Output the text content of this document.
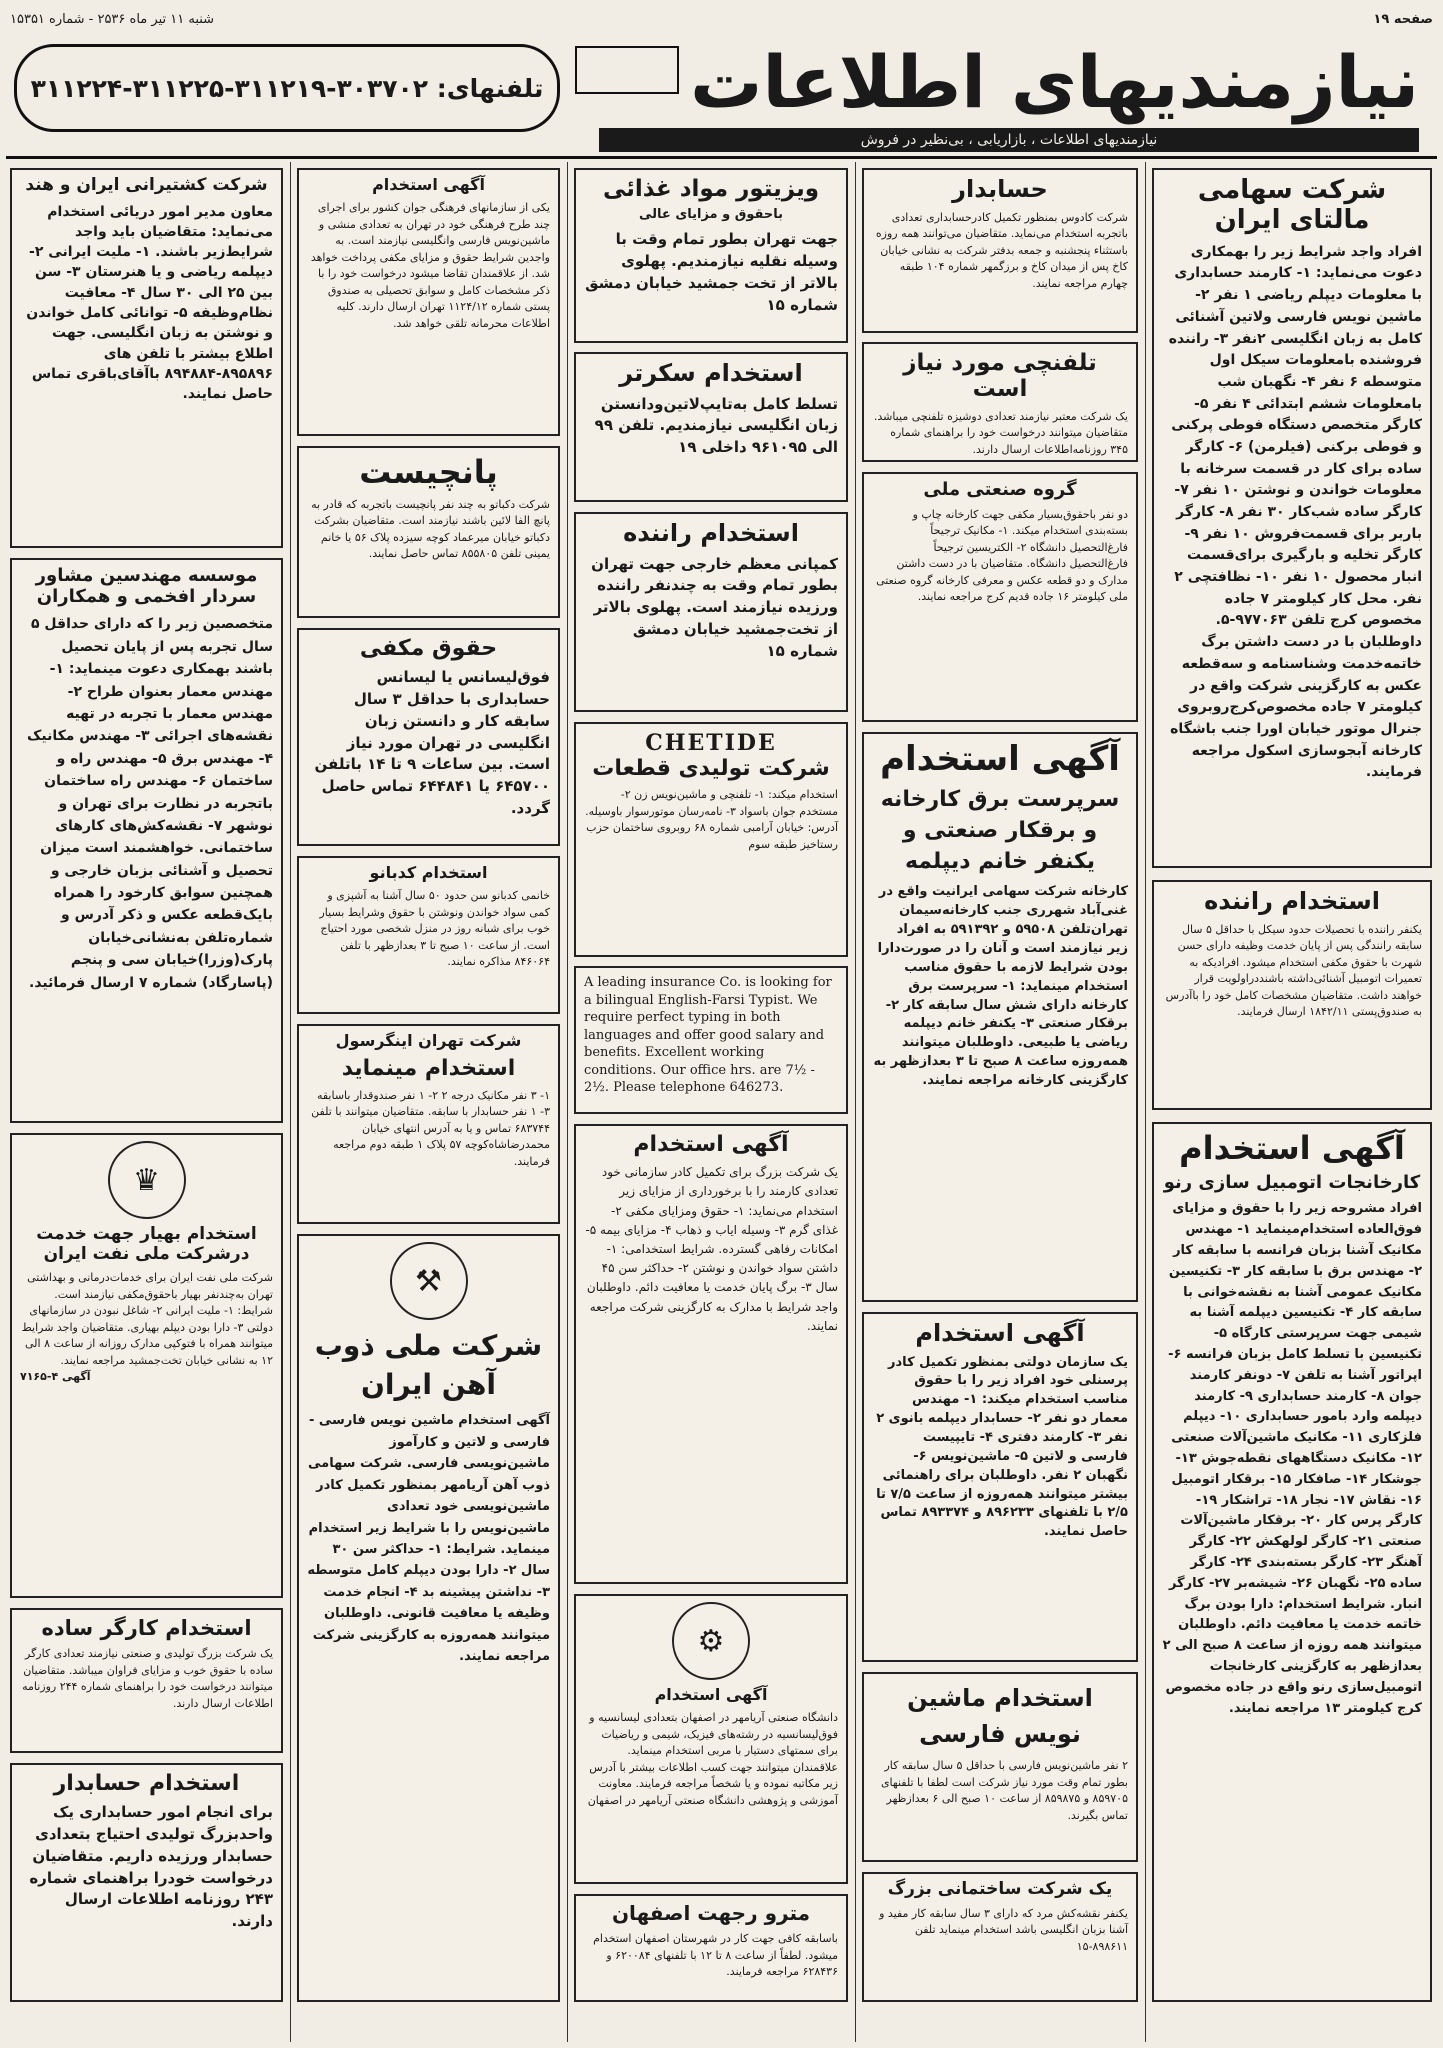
صفحه ۱۹
شنبه ۱۱ تیر ماه ۲۵۳۶ - شماره ۱۵۳۵۱
تلفنهای: ۳۰۳۷۰۲-۳۱۱۲۱۹-۳۱۱۲۲۵-۳۱۱۲۲۴ نیازمندیهای اطلاعات
نیازمندیهای اطلاعات ، بازاریابی ، بی‌نظیر در فروش
شرکت سهامی مالتای ایران

افراد واجد شرایط زیر را بهمکاری دعوت می‌نماید: ۱- کارمند حسابداری با معلومات دیپلم ریاضی ۱ نفر ۲- ماشین نویس فارسی ولاتین آشنائی کامل به زبان انگلیسی ۲نفر ۳- راننده فروشنده بامعلومات سیکل اول متوسطه ۶ نفر ۴- نگهبان شب بامعلومات ششم ابتدائی ۴ نفر ۵- کارگر متخصص دستگاه فوطی پرکنی و فوطی برکنی (فیلرمن) ۶- کارگر ساده برای کار در قسمت سرخانه با معلومات خواندن و نوشتن ۱۰ نفر ۷- کارگر ساده شب‌کار ۳۰ نفر ۸- کارگر باربر برای قسمت‌فروش ۱۰ نفر ۹- کارگر تخلیه و بارگیری برای‌قسمت انبار محصول ۱۰ نفر ۱۰- نظافتچی ۲ نفر. محل کار کیلومتر ۷ جاده مخصوص کرج تلفن ۹۷۷۰۶۳-۵. داوطلبان با در دست داشتن برگ خاتمه‌خدمت وشناسنامه و سه‌قطعه عکس به کارگزینی شرکت واقع در کیلومتر ۷ جاده مخصوص‌کرج‌روبروی جنرال موتور خیابان اورا جنب باشگاه کارخانه آبجوسازی اسکول مراجعه فرمایند.

استخدام راننده

یکنفر راننده با تحصیلات حدود سیکل با حداقل ۵ سال سابقه رانندگی پس از پایان خدمت وظیفه دارای حسن شهرت با حقوق مکفی استخدام میشود. افرادیکه به تعمیرات اتومبیل آشنائی‌داشته باشند‌در‌اولویت قرار خواهند داشت. متقاضیان مشخصات کامل خود را باآدرس به صندوق‌پستی ۱۸۴۲/۱۱ ارسال فرمایند.

آگهی استخدام
کارخانجات اتومبیل سازی رنو

افراد مشروحه زیر را با حقوق و مزایای فوق‌العاده استخدام‌مینماید ۱- مهندس مکانیک آشنا بزبان فرانسه با سابقه کار ۲- مهندس برق با سابقه کار ۳- تکنیسین مکانیک عمومی آشنا به نقشه‌خوانی با سابقه کار ۴- تکنیسین دیپلمه آشنا به شیمی جهت سرپرستی کارگاه ۵- تکنیسین با تسلط کامل بزبان فرانسه ۶- اپراتور آشنا به تلفن ۷- دونفر کارمند جوان ۸- کارمند حسابداری ۹- کارمند دیپلمه وارد بامور حسابداری ۱۰- دیپلم فلزکاری ۱۱- مکانیک ماشین‌آلات صنعتی ۱۲- مکانیک دستگاههای نقطه‌جوش ۱۳- جوشکار ۱۴- صافکار ۱۵- برقکار اتومبیل ۱۶- نقاش ۱۷- نجار ۱۸- تراشکار ۱۹- کارگر پرس کار ۲۰- برقکار ماشین‌آلات صنعتی ۲۱- کارگر لولهکش ۲۲- کارگر آهنگر ۲۳- کارگر بسته‌بندی ۲۴- کارگر ساده ۲۵- نگهبان ۲۶- شیشه‌بر ۲۷- کارگر انبار. شرایط استخدام: دارا بودن برگ خاتمه خدمت یا معافیت دائم. داوطلبان میتوانند همه روزه از ساعت ۸ صبح الی ۲ بعدازظهر به کارگزینی کارخانجات اتومبیل‌سازی رنو واقع در جاده مخصوص کرج کیلومتر ۱۳ مراجعه نمایند.

حسابدار

شرکت کادوس بمنظور تکمیل کادرحسابداری تعدادی باتجربه استخدام می‌نماید. متقاضیان می‌توانند همه روزه باستثناء پنجشنبه و جمعه بدفتر شرکت به نشانی خیابان کاخ پس از میدان کاخ و برزگمهر شماره ۱۰۴ طبقه چهارم مراجعه نمایند.

تلفنچی مورد نیاز است

یک شرکت معتبر نیازمند تعدادی دوشیزه تلفنچی میباشد. متقاضیان میتوانند درخواست خود را براهنمای شماره ۳۴۵ روزنامه‌اطلاعات ارسال دارند.

گروه صنعتی ملی

دو نفر با‌حقوق‌بسیار مکفی جهت کارخانه چاپ و بسته‌بندی استخدام میکند. ۱- مکانیک ترجیحاً فارغ‌التحصیل دانشگاه ۲- الکتریسین ترجیحاً فارغ‌التحصیل دانشگاه. متقاضیان با در دست داشتن مدارک و دو قطعه عکس و معرفی کارخانه گروه صنعتی ملی کیلومتر ۱۶ جاده قدیم کرج مراجعه نمایند.

آگهی استخدام
سرپرست برق کارخانه و برقکار صنعتی و یکنفر خانم دیپلمه

کارخانه شرکت سهامی ایرانیت واقع در غنی‌آباد شهرری جنب کارخانه‌سیمان تهران‌تلفن ۵۹۵۰۸ و ۵۹۱۳۹۲ به افراد زیر نیازمند است و آنان را در صورت‌دارا بودن شرایط لازمه با حقوق مناسب استخدام مینماید: ۱- سرپرست برق کارخانه دارای شش سال سابقه کار ۲- برقکار صنعتی ۳- یکنفر خانم دیپلمه ریاضی یا طبیعی. داوطلبان میتوانند همه‌روزه ساعت ۸ صبح تا ۳ بعدازظهر به کارگزینی کارخانه مراجعه نمایند.

آگهی استخدام

یک سازمان دولتی بمنظور تکمیل کادر پرسنلی خود افراد زیر را با حقوق مناسب استخدام میکند: ۱- مهندس معمار دو نفر ۲- حسابدار دیپلمه بانوی ۲ نفر ۳- کارمند دفتری ۴- تایپیست فارسی و لاتین ۵- ماشین‌نویس ۶- نگهبان ۲ نفر. داوطلبان برای راهنمائی بیشتر میتوانند همه‌روزه از ساعت ۷/۵ تا ۲/۵ با تلفنهای ۸۹۶۲۳۳ و ۸۹۳۳۷۴ تماس حاصل نمایند.

استخدام ماشین نویس فارسی

۲ نفر ماشین‌نویس فارسی با حداقل ۵ سال سابقه کار بطور تمام وقت مورد نیاز شرکت است لطفا با تلفنهای ۸۵۹۷۰۵ و ۸۵۹۸۷۵ از ساعت ۱۰ صبح الی ۶ بعدازظهر تماس بگیرند.

یک شرکت ساختمانی بزرگ

یکنفر نقشه‌کش مرد که دارای ۳ سال سابقه کار مفید و آشنا بزبان انگلیسی باشد استخدام مینماید تلفن ۸۹۸۶۱۱-۱۵

ویزیتور مواد غذائی
باحقوق و مزایای عالی

جهت تهران بطور تمام وقت با وسیله نقلیه نیازمندیم. پهلوی بالاتر از تخت جمشید خیابان دمشق شماره ۱۵

استخدام سکرتر

تسلط کامل به‌تایپ‌لاتین‌ودانستن زبان انگلیسی نیازمندیم. تلفن ۹۹ الی ۹۶۱۰۹۵ داخلی ۱۹

استخدام راننده

کمپانی معظم خارجی جهت تهران بطور تمام وقت به چندنفر راننده ورزیده نیازمند است. پهلوی بالاتر از تخت‌جمشید خیابان دمشق شماره ۱۵

CHETIDE
شرکت تولیدی قطعات

استخدام میکند: ۱- تلفنچی و ماشین‌نویس زن ۲- مستخدم جوان باسواد ۳- نامه‌رسان موتورسوار باوسیله. آدرس: خیابان آرامبی شماره ۶۸ روبروی ساختمان حزب رستاخیز طبقه سوم

A leading insurance Co. is looking for a bilingual English-Farsi Typist. We require perfect typing in both languages and offer good salary and benefits. Excellent working conditions. Our office hrs. are 7½ - 2½. Please telephone 646273.

آگهی استخدام

یک شرکت بزرگ برای تکمیل کادر سازمانی خود تعدادی کارمند را با برخورداری از مزایای زیر استخدام می‌نماید: ۱- حقوق ومزایای مکفی ۲- غذای گرم ۳- وسیله ایاب و ذهاب ۴- مزایای بیمه ۵- امکانات رفاهی گسترده. شرایط استخدامی: ۱- داشتن سواد خواندن و نوشتن ۲- حداکثر سن ۴۵ سال ۳- برگ پایان خدمت یا معافیت دائم. داوطلبان واجد شرایط با مدارک به کارگزینی شرکت مراجعه نمایند.

⚙
آگهی استخدام

دانشگاه صنعتی آریامهر در اصفهان بتعدادی لیسانسیه و فوق‌لیسانسیه در رشته‌های فیزیک، شیمی و ریاضیات برای سمتهای دستیار با مربی استخدام مینماید. علاقمندان میتوانند جهت کسب اطلاعات بیشتر با آدرس زیر مکاتبه نموده و یا شخصاً مراجعه فرمایند. معاونت آموزشی و پژوهشی دانشگاه صنعتی آریامهر در اصفهان

مترو رجهت اصفهان

باسابقه کافی جهت کار در شهرستان اصفهان استخدام میشود. لطفاً از ساعت ۸ تا ۱۲ با تلفنهای ۶۲۰۰۸۴ و ۶۲۸۴۳۶ مراجعه فرمایند.

آگهی استخدام

یکی از سازمانهای فرهنگی جوان کشور برای اجرای چند طرح فرهنگی خود در تهران به تعدادی منشی و ماشین‌نویس فارسی وانگلیسی نیازمند است. به واجدین شرایط حقوق و مزایای مکفی پرداخت خواهد شد. از علاقمندان تقاضا میشود درخواست خود را با ذکر مشخصات کامل و سوابق تحصیلی به صندوق پستی شماره ۱۱۲۴/۱۲ تهران ارسال دارند. کلیه اطلاعات محرمانه تلقی خواهد شد.

پانچیست

شرکت دکباتو به چند نفر پانچیست باتجربه که قادر به پانچ الفا لائین باشند نیازمند است. متقاضیان بشرکت دکباتو خیابان میرعماد کوچه سیزده پلاک ۵۶ یا خانم یمینی تلفن ۸۵۵۸۰۵ تماس حاصل نمایند.

حقوق مکفی

فوق‌لیسانس یا لیسانس حسابداری با حداقل ۳ سال سابقه کار و دانستن زبان انگلیسی در تهران مورد نیاز است. بین ساعات ۹ تا ۱۴ باتلفن ۶۴۵۷۰۰ یا ۶۴۴۸۴۱ تماس حاصل گردد.

استخدام کدبانو

خانمی کدبانو سن حدود ۵۰ سال آشنا به آشپزی و کمی سواد خواندن ونوشتن با حقوق وشرایط بسیار خوب برای شبانه روز در منزل شخصی مورد احتیاج است. از ساعت ۱۰ صبح تا ۳ بعدازظهر با تلفن ۸۴۶۰۶۴ مذاکره نمایند.

شرکت تهران اینگرسول
استخدام مینماید

۱- ۳ نفر مکانیک درجه ۲ ۲- ۱ نفر صندوقدار باسابقه ۳- ۱ نفر حسابدار با سابقه. متقاضیان میتوانند با تلفن ۶۸۳۷۴۴ تماس و یا به آدرس انتهای خیابان محمدرضاشاه‌کوچه ۵۷ پلاک ۱ طبقه دوم مراجعه فرمایند.

⚒
شرکت ملی ذوب آهن ایران

آگهی استخدام ماشین نویس فارسی - فارسی و لاتین و کارآموز ماشین‌نویسی فارسی. شرکت سهامی ذوب آهن آریامهر بمنظور تکمیل کادر ماشین‌نویسی خود تعدادی ماشین‌نویس را با شرایط زیر استخدام مینماید. شرایط: ۱- حداکثر سن ۳۰ سال ۲- دارا بودن دیپلم کامل متوسطه ۳- نداشتن پیشینه بد ۴- انجام خدمت وظیفه یا معافیت قانونی. داوطلبان میتوانند همه‌روزه به کارگزینی شرکت مراجعه نمایند.

شرکت کشتیرانی ایران و هند

معاون مدیر امور دریائی استخدام می‌نماید: متقاضیان باید واجد شرایط‌زیر باشند. ۱- ملیت ایرانی ۲- دیپلمه ریاضی و یا هنرستان ۳- سن بین ۲۵ الی ۳۰ سال ۴- معافیت نظام‌وظیفه ۵- توانائی کامل خواندن و نوشتن به زبان انگلیسی. جهت اطلاع بیشتر با تلفن های ۸۹۵۸۹۶-۸۹۴۸۸۴ با‌آقای‌باقری تماس حاصل نمایند.

موسسه مهندسین مشاور سردار افخمی و همکاران

متخصصین زیر را که دارای حداقل ۵ سال تجربه پس از پایان تحصیل باشند بهمکاری دعوت مینماید: ۱- مهندس معمار بعنوان طراح ۲- مهندس معمار با تجربه در تهیه نقشه‌های اجرائی ۳- مهندس مکانیک ۴- مهندس برق ۵- مهندس راه و ساختمان ۶- مهندس راه ساختمان باتجربه در نظارت برای تهران و نوشهر ۷- نقشه‌کش‌های کارهای ساختمانی. خواهشمند است میزان تحصیل و آشنائی بزبان خارجی و همچنین سوابق کارخود را همراه بایک‌قطعه عکس و ذکر آدرس و شماره‌تلفن به‌نشانی‌خیابان پارک(وزرا)خیابان سی و پنجم (پاسارگاد) شماره ۷ ارسال فرمائید.

♛
استخدام بهیار جهت خدمت درشرکت ملی نفت ایران

شرکت ملی نفت ایران برای خدمات‌درمانی و بهداشتی تهران به‌چندنفر بهیار باحقوق‌مکفی نیازمند است. شرایط: ۱- ملیت ایرانی ۲- شاغل نبودن در سازمانهای دولتی ۳- دارا بودن دیپلم بهیاری. متقاضیان واجد شرایط میتوانند همراه با فتوکپی مدارک روزانه از ساعت ۸ الی ۱۲ به نشانی خیابان تخت‌جمشید مراجعه نمایند.

آگهی ۴-۷۱۶۵

استخدام کارگر ساده

یک شرکت بزرگ تولیدی و صنعتی نیازمند تعدادی کارگر ساده با حقوق خوب و مزایای فراوان میباشد. متقاضیان میتوانند درخواست خود را براهنمای شماره ۲۴۴ روزنامه اطلاعات ارسال دارند.

استخدام حسابدار

برای انجام امور حسابداری یک واحدبزرگ تولیدی احتیاج بتعدادی حسابدار ورزیده داریم. متقاضیان درخواست خودرا براهنمای شماره ۲۴۳ روزنامه اطلاعات ارسال دارند.
